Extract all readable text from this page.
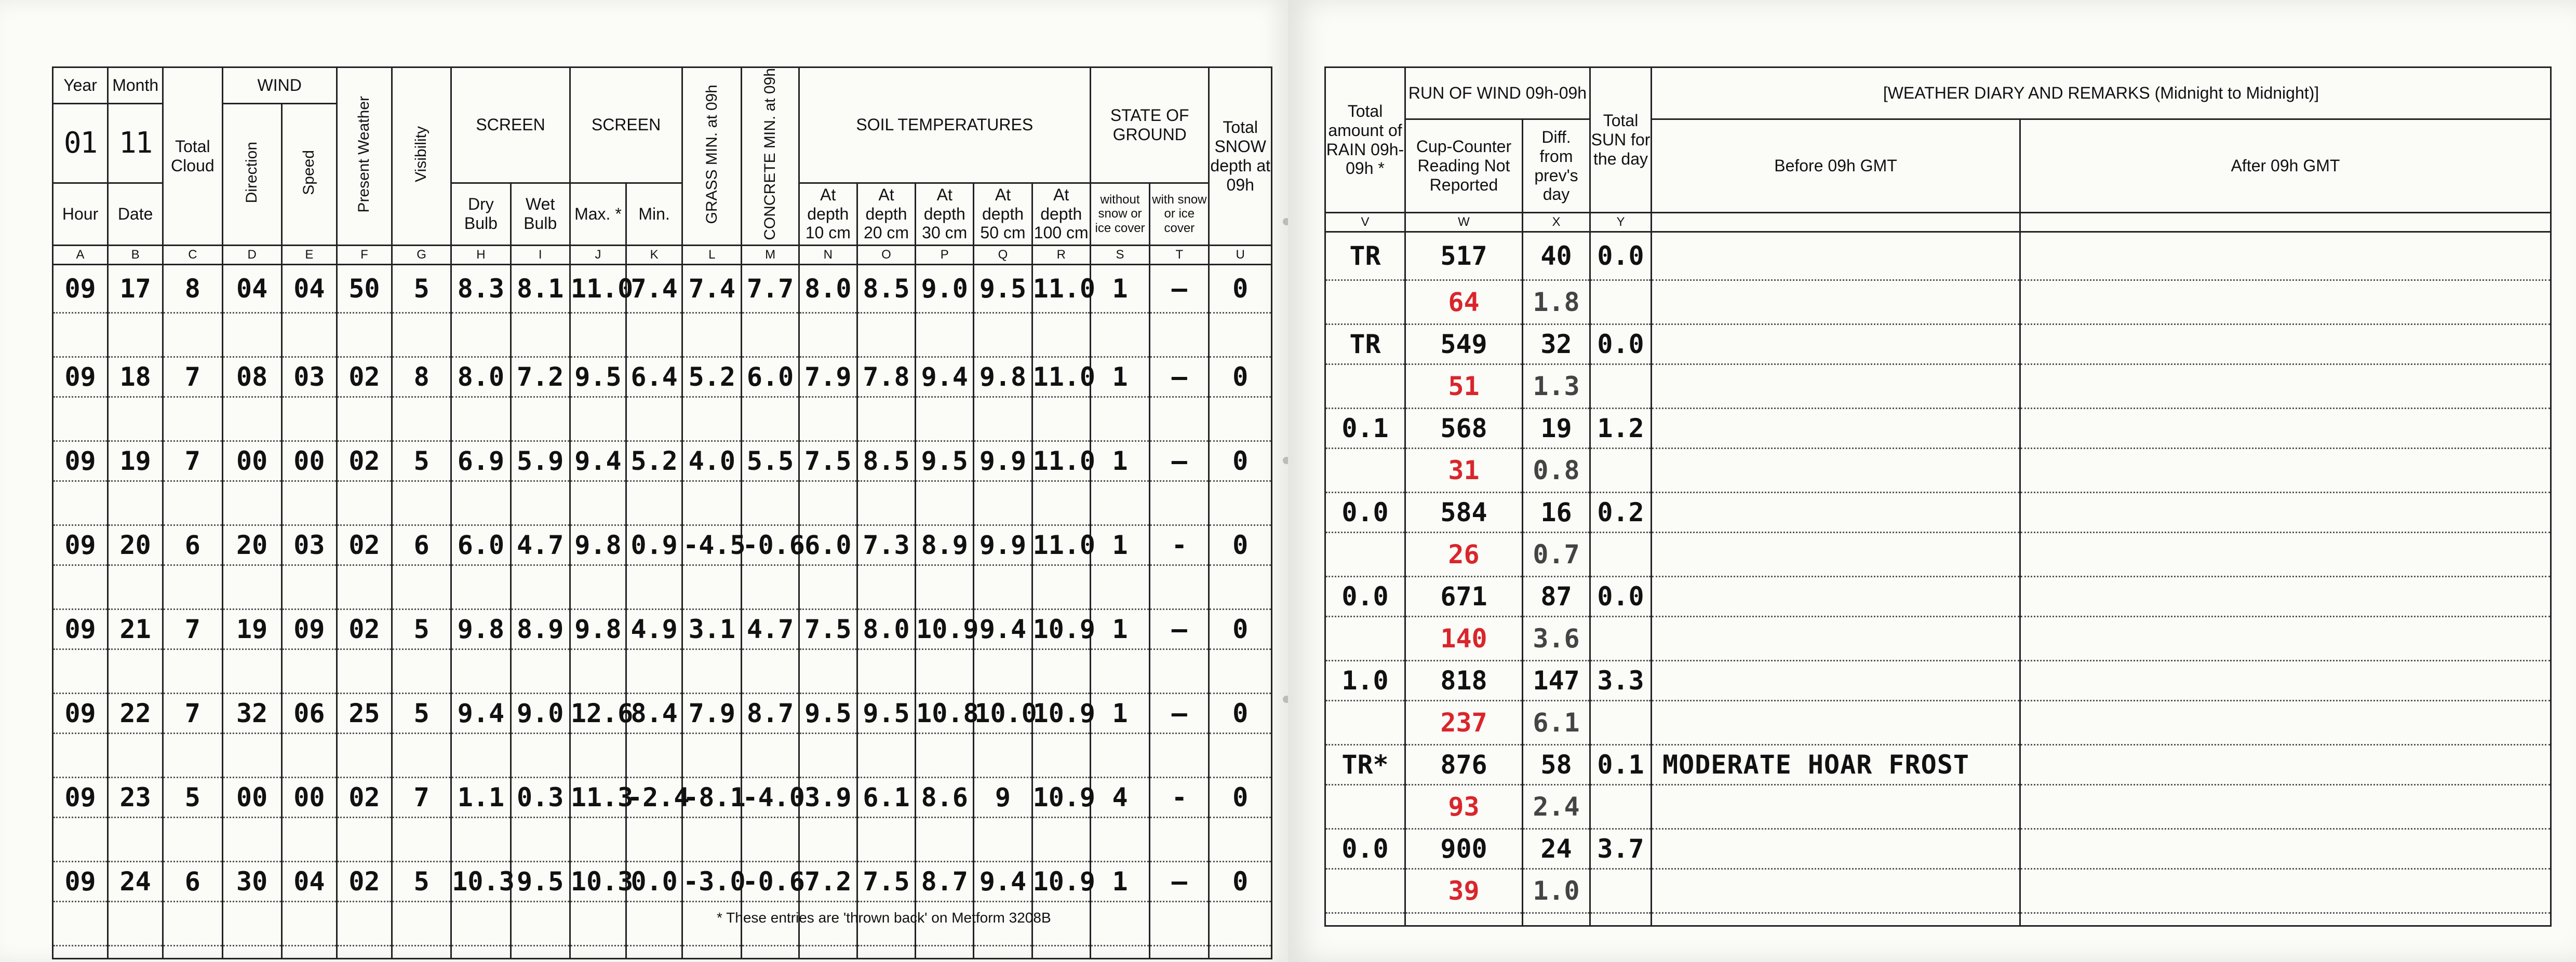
Year	Month	Total Cloud	WIND		Present Weather	Visibility	SCREEN		SCREEN		GRASS MIN. at 09h	CONCRETE MIN. at 09h	SOIL TEMPERATURES					STATE OF GROUND		Total SNOW depth at 09h
01	11		Direction	Speed																
Hour	Date						Dry Bulb	Wet Bulb	Max. *	Min.			At depth 10 cm	At depth 20 cm	At depth 30 cm	At depth 50 cm	At depth 100 cm	without snow or ice cover	with snow or ice cover	
A	B	C	D	E	F	G	H	I	J	K	L	M	N	O	P	Q	R	S	T	U
09	17	8	04	04	50	5	8.3	8.1	11.0	7.4	7.4	7.7	8.0	8.5	9.0	9.5	11.0	1	–	0

09	18	7	08	03	02	8	8.0	7.2	9.5	6.4	5.2	6.0	7.9	7.8	9.4	9.8	11.0	1	–	0

09	19	7	00	00	02	5	6.9	5.9	9.4	5.2	4.0	5.5	7.5	8.5	9.5	9.9	11.0	1	–	0

09	20	6	20	03	02	6	6.0	4.7	9.8	0.9	-4.5	-0.6	6.0	7.3	8.9	9.9	11.0	1	-	0

09	21	7	19	09	02	5	9.8	8.9	9.8	4.9	3.1	4.7	7.5	8.0	10.9	9.4	10.9	1	–	0

09	22	7	32	06	25	5	9.4	9.0	12.6	8.4	7.9	8.7	9.5	9.5	10.8	10.0	10.9	1	–	0

09	23	5	00	00	02	7	1.1	0.3	11.3	-2.4	-8.1	-4.0	3.9	6.1	8.6	9	10.9	4	-	0

09	24	6	30	04	02	5	10.3	9.5	10.3	0.0	-3.0	-0.6	7.2	7.5	8.7	9.4	10.9	1	–	0

* These entries are 'thrown back' on Metform 3208B
Total amount of RAIN 09h-09h *	RUN OF WIND 09h-09h		Total SUN for the day	[WEATHER DIARY AND REMARKS (Midnight to Midnight)]	
	Cup-Counter Reading Not Reported	Diff. from prev's day		Before 09h GMT	After 09h GMT
V	W	X	Y		
TR	517	40	0.0		
	64	1.8			
TR	549	32	0.0		
	51	1.3			
0.1	568	19	1.2		
	31	0.8			
0.0	584	16	0.2		
	26	0.7			
0.0	671	87	0.0		
	140	3.6			
1.0	818	147	3.3		
	237	6.1			
TR*	876	58	0.1	MODERATE HOAR FROST	
	93	2.4			
0.0	900	24	3.7		
	39	1.0			
